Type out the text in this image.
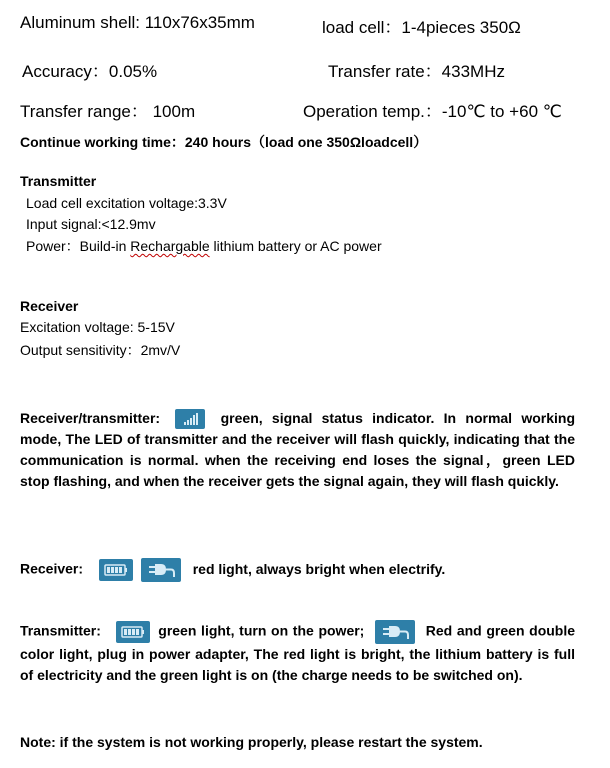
Aluminum shell: 110x76x35mm	load cell：1-4pieces 350Ω
Accuracy：0.05%	Transfer rate：433MHz
Transfer range： 100m	Operation temp.：-10℃ to +60 ℃
Continue working time：240 hours（load one 350Ωloadcell）
Transmitter
Load cell excitation voltage:3.3V
Input signal:<12.9mv
Power：Build-in Rechargable lithium battery or AC power
Receiver
Excitation voltage: 5-15V
Output sensitivity：2mv/V
Receiver/transmitter:	green, signal status indicator. In normal working mode, The LED of transmitter and the receiver will flash quickly, indicating that the communication is normal. when the receiving end loses the signal，green LED stop flashing, and when the receiver gets the signal again, they will flash quickly.
Receiver:
	red light, always bright when electrify.
Transmitter:	green light, turn on the power;	Red and green double color light, plug in power adapter, The red light is bright, the lithium battery is full of electricity and the green light is on (the charge needs to be switched on).
Note: if the system is not working properly, please restart the system.
